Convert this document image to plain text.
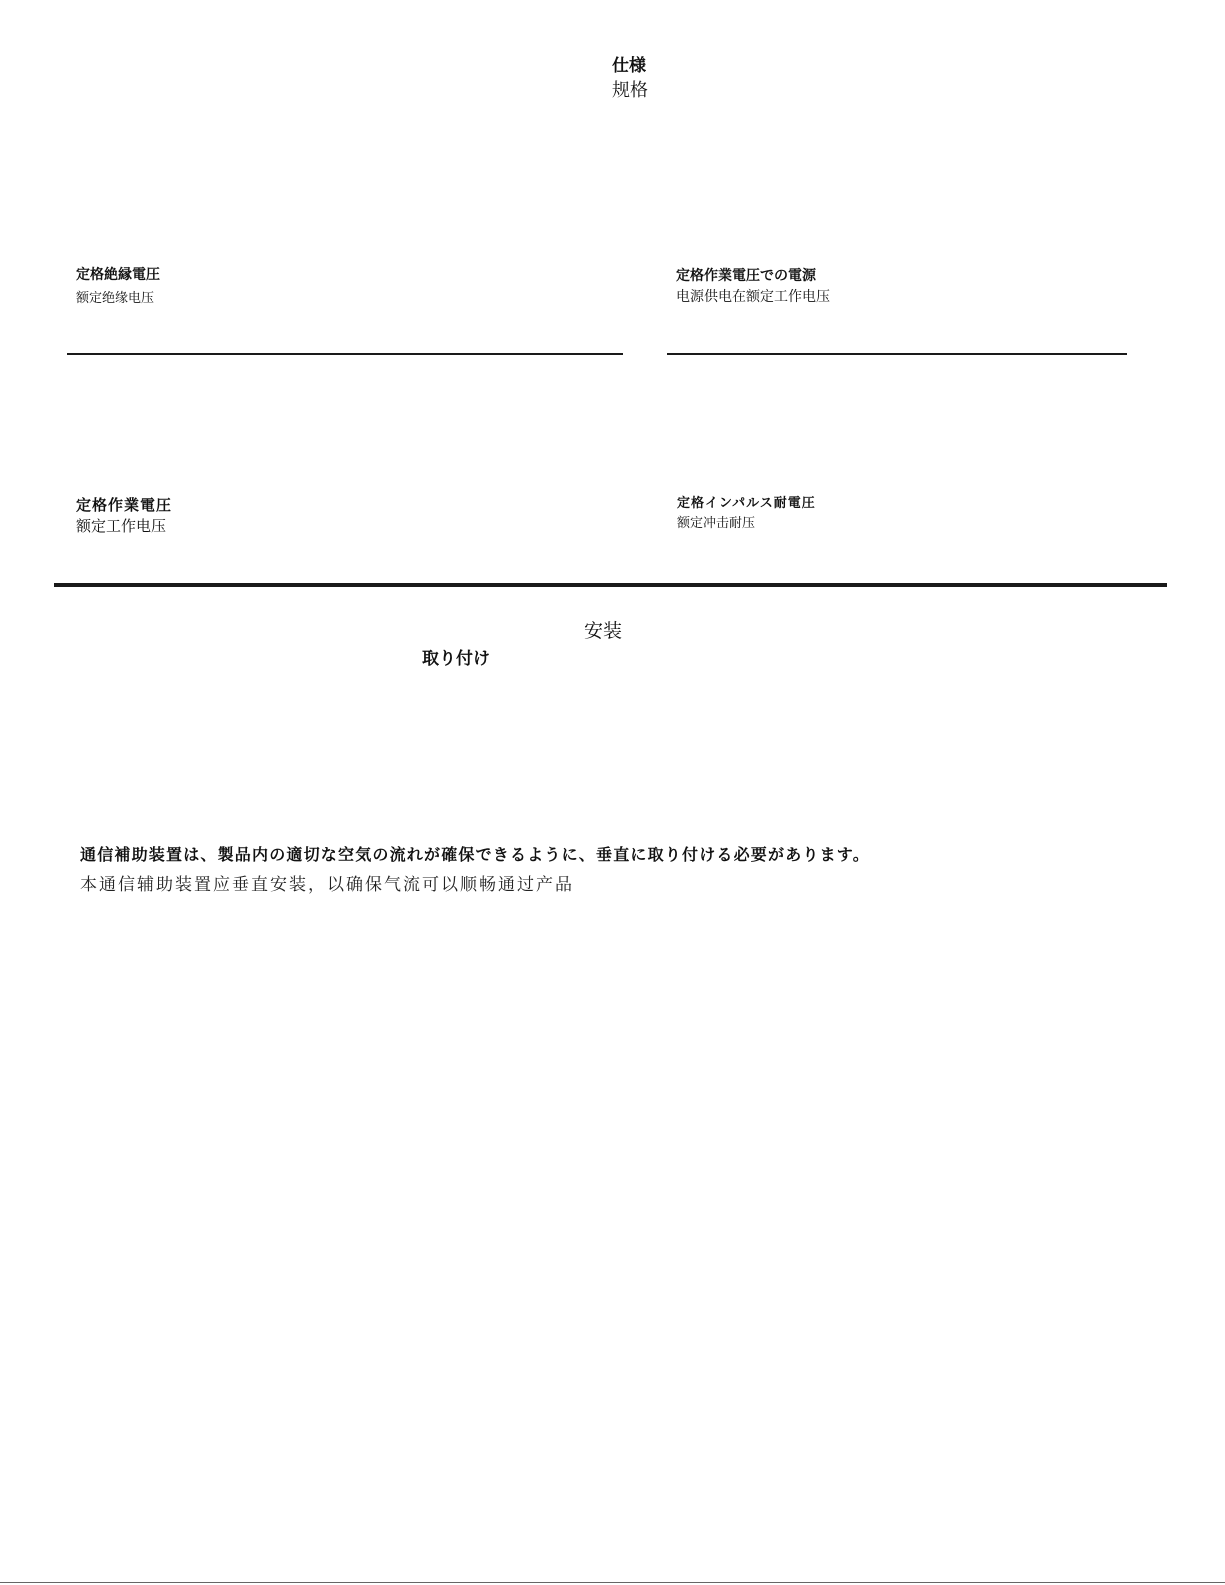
仕様
规格
定格絶縁電圧
额定绝缘电压
定格作業電圧での電源
电源供电在额定工作电压
定格作業電圧
额定工作电压
定格インパルス耐電圧
额定冲击耐压
安装
取り付け
通信補助装置は、製品内の適切な空気の流れが確保できるように、垂直に取り付ける必要があります。
本通信辅助装置应垂直安装，以确保气流可以顺畅通过产品
